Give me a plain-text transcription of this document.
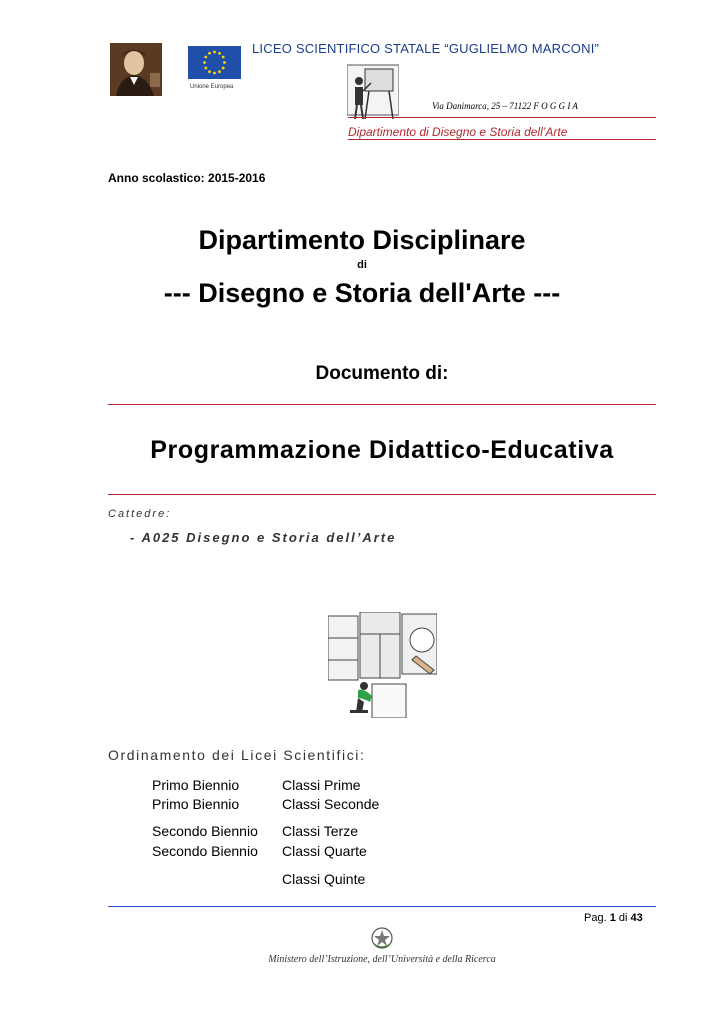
Unione Europea
LICEO SCIENTIFICO STATALE “GUGLIELMO MARCONI”
Via Danimarca, 25 – 71122 F O G G I A
Dipartimento di Disegno e Storia dell’Arte
Anno scolastico: 2015-2016
Dipartimento Disciplinare
di
--- Disegno e Storia dell'Arte ---
Documento di:
Programmazione Didattico-Educativa
Cattedre:
- A025 Disegno e Storia dell’Arte
Ordinamento dei Licei Scientifici:
Primo Biennio	Classi Prime
Primo Biennio	Classi Seconde
Secondo Biennio Classi Terze
Secondo Biennio Classi Quarte
Classi Quinte
Pag. 1 di 43
Ministero dell’Istruzione, dell’Università e della Ricerca
